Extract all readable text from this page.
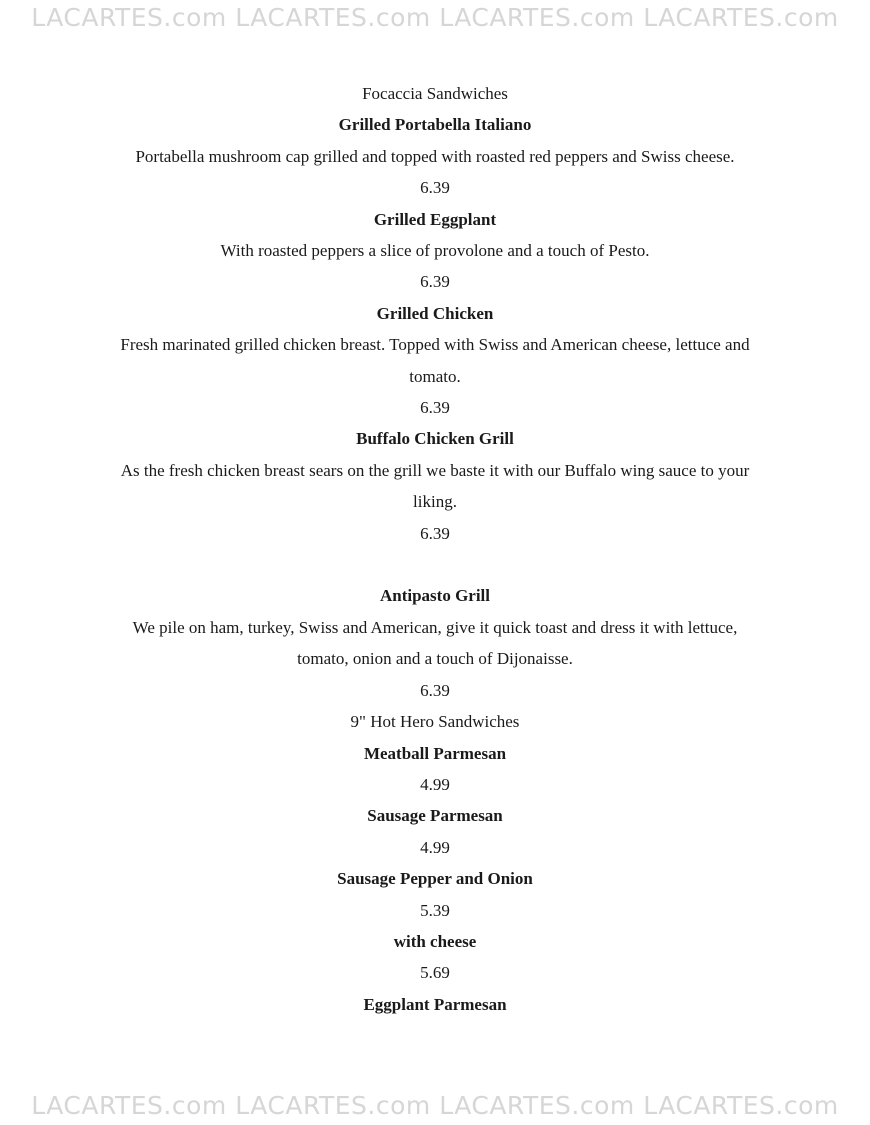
LACARTES.com LACARTES.com LACARTES.com LACARTES.com

Focaccia Sandwiches

Grilled Portabella Italiano

Portabella mushroom cap grilled and topped with roasted red peppers and Swiss cheese.

6.39

Grilled Eggplant

With roasted peppers a slice of provolone and a touch of Pesto.

6.39

Grilled Chicken

Fresh marinated grilled chicken breast. Topped with Swiss and American cheese, lettuce and

tomato.

6.39

Buffalo Chicken Grill

As the fresh chicken breast sears on the grill we baste it with our Buffalo wing sauce to your

liking.

6.39

Antipasto Grill

We pile on ham, turkey, Swiss and American, give it quick toast and dress it with lettuce,

tomato, onion and a touch of Dijonaisse.

6.39

9" Hot Hero Sandwiches

Meatball Parmesan

4.99

Sausage Parmesan

4.99

Sausage Pepper and Onion

5.39

with cheese

5.69

Eggplant Parmesan

LACARTES.com LACARTES.com LACARTES.com LACARTES.com
